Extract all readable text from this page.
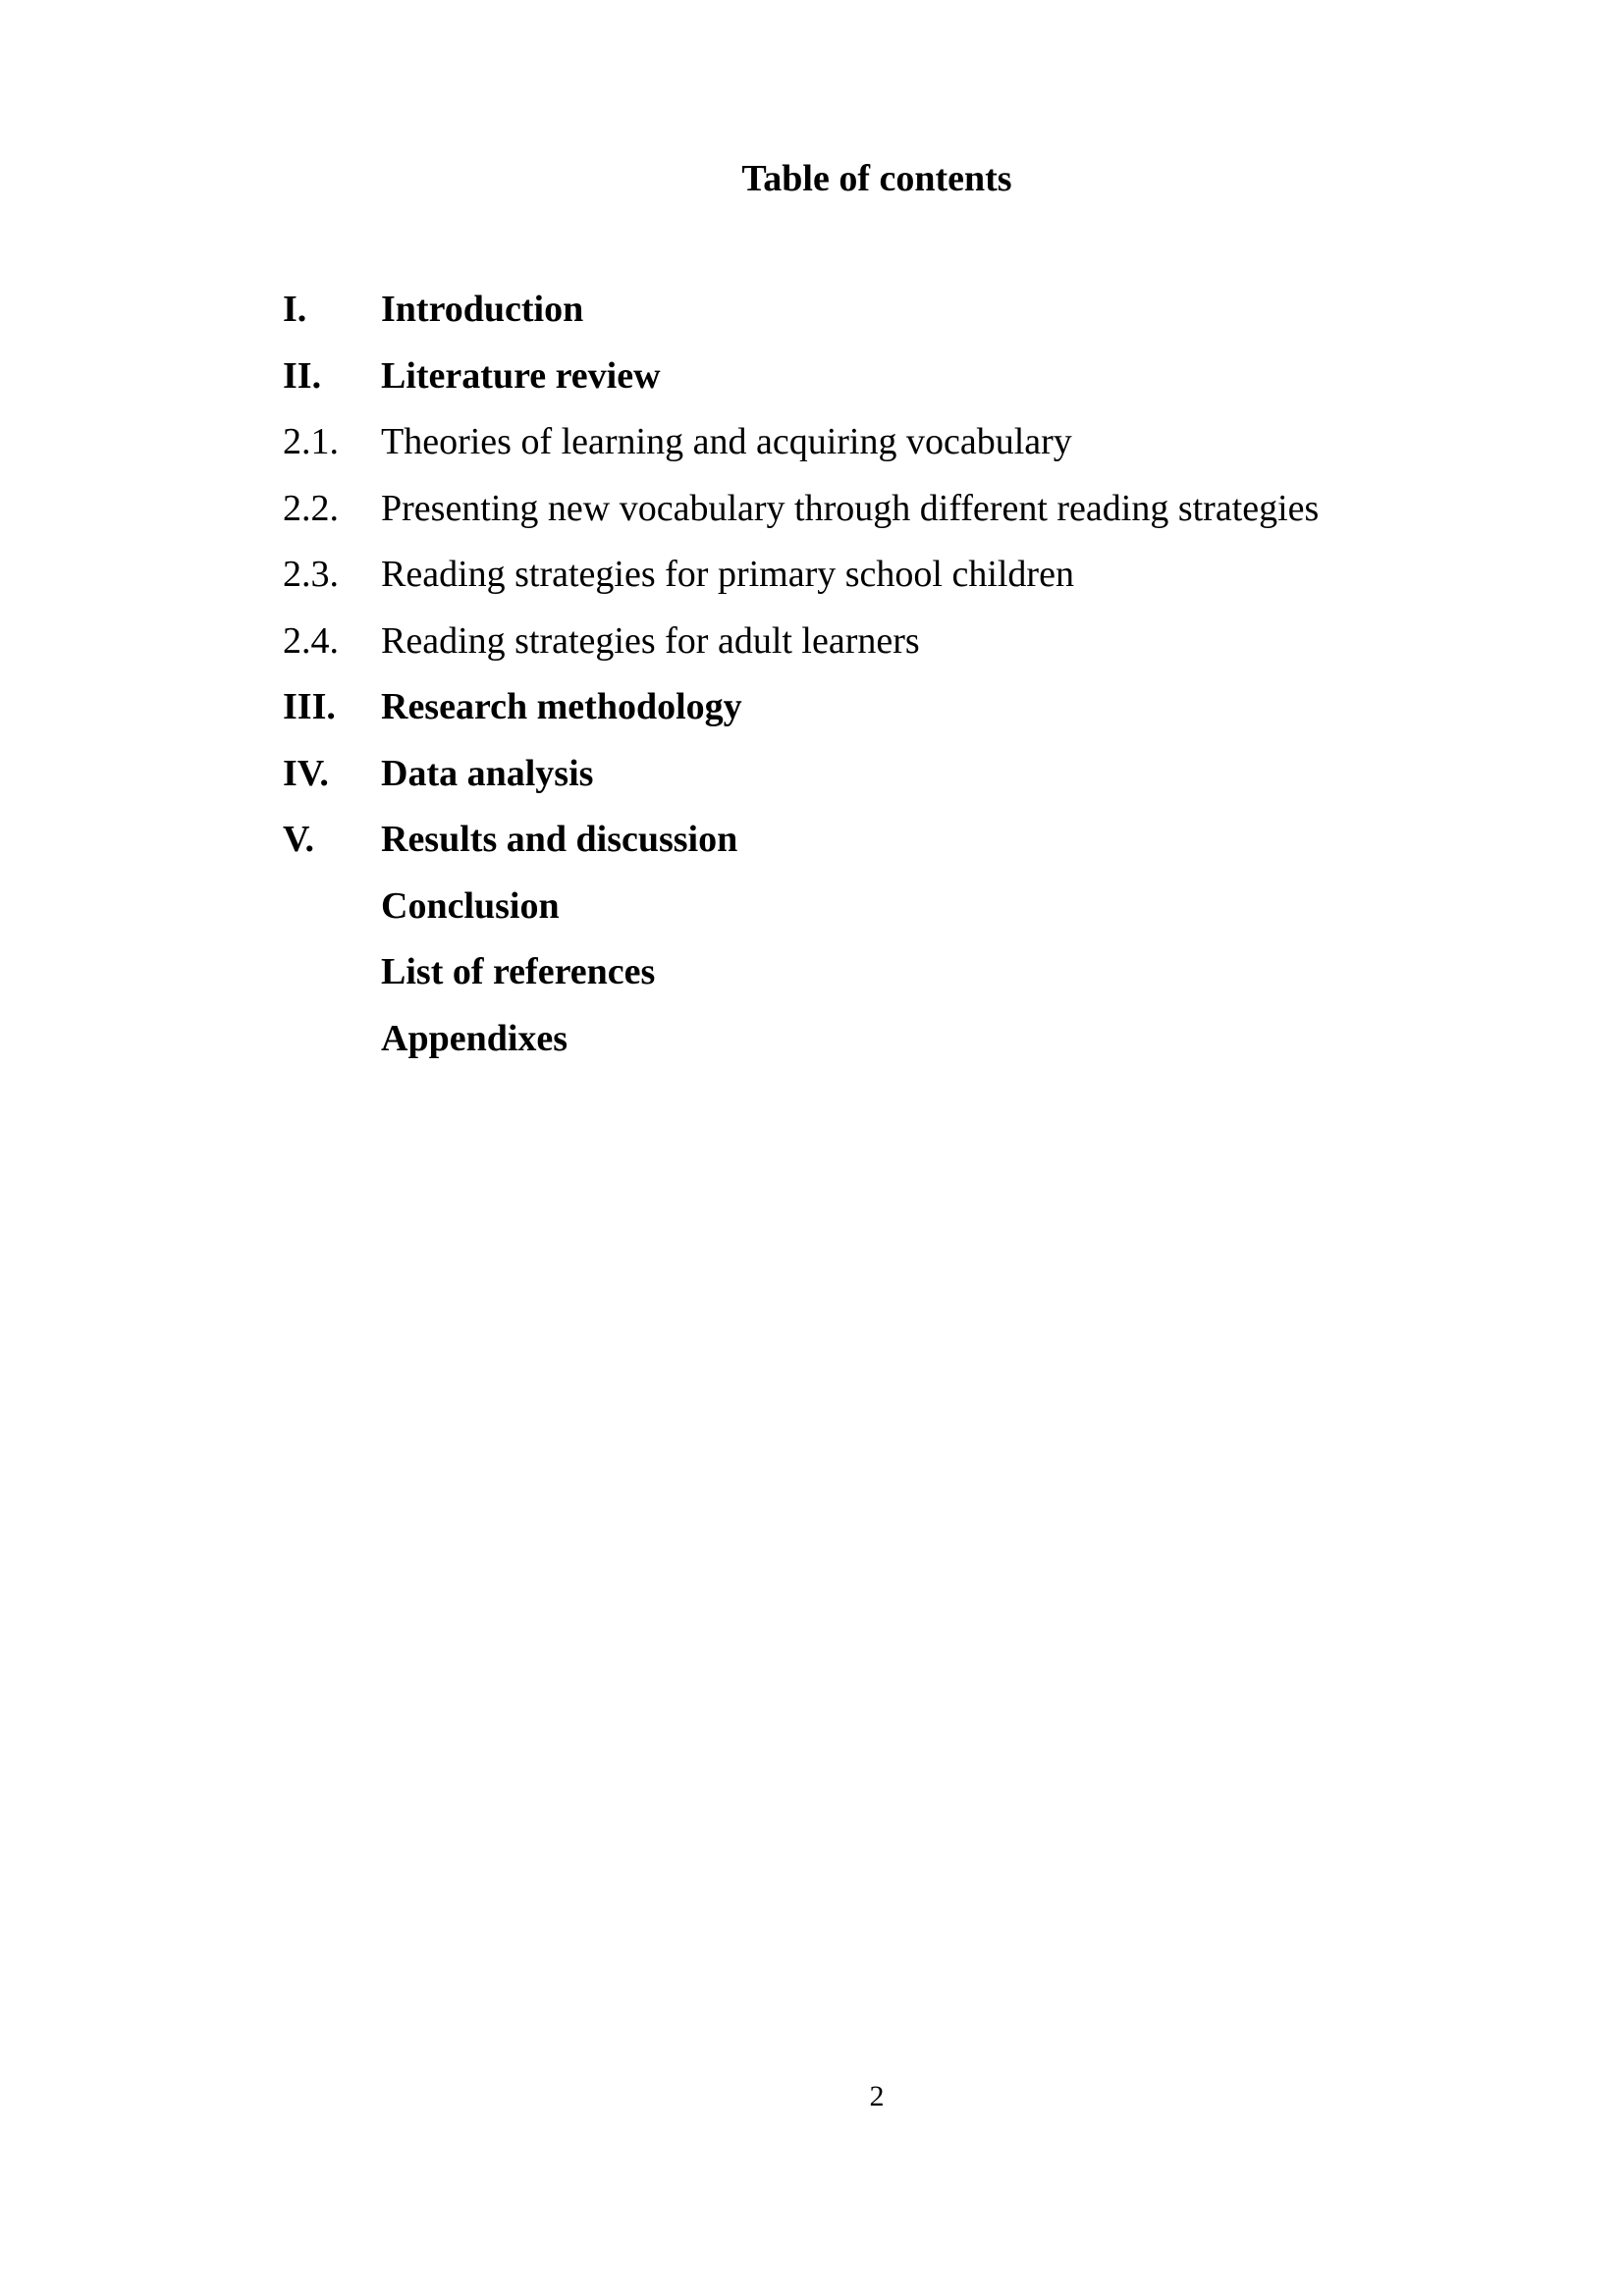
Table of contents
I.	Introduction
II.	Literature review
2.1.	Theories of learning and acquiring vocabulary
2.2.	Presenting new vocabulary through different reading strategies
2.3.	Reading strategies for primary school children
2.4.	Reading strategies for adult learners
III.	Research methodology
IV.	Data analysis
V.	Results and discussion
Conclusion
List of references
Appendixes
2
